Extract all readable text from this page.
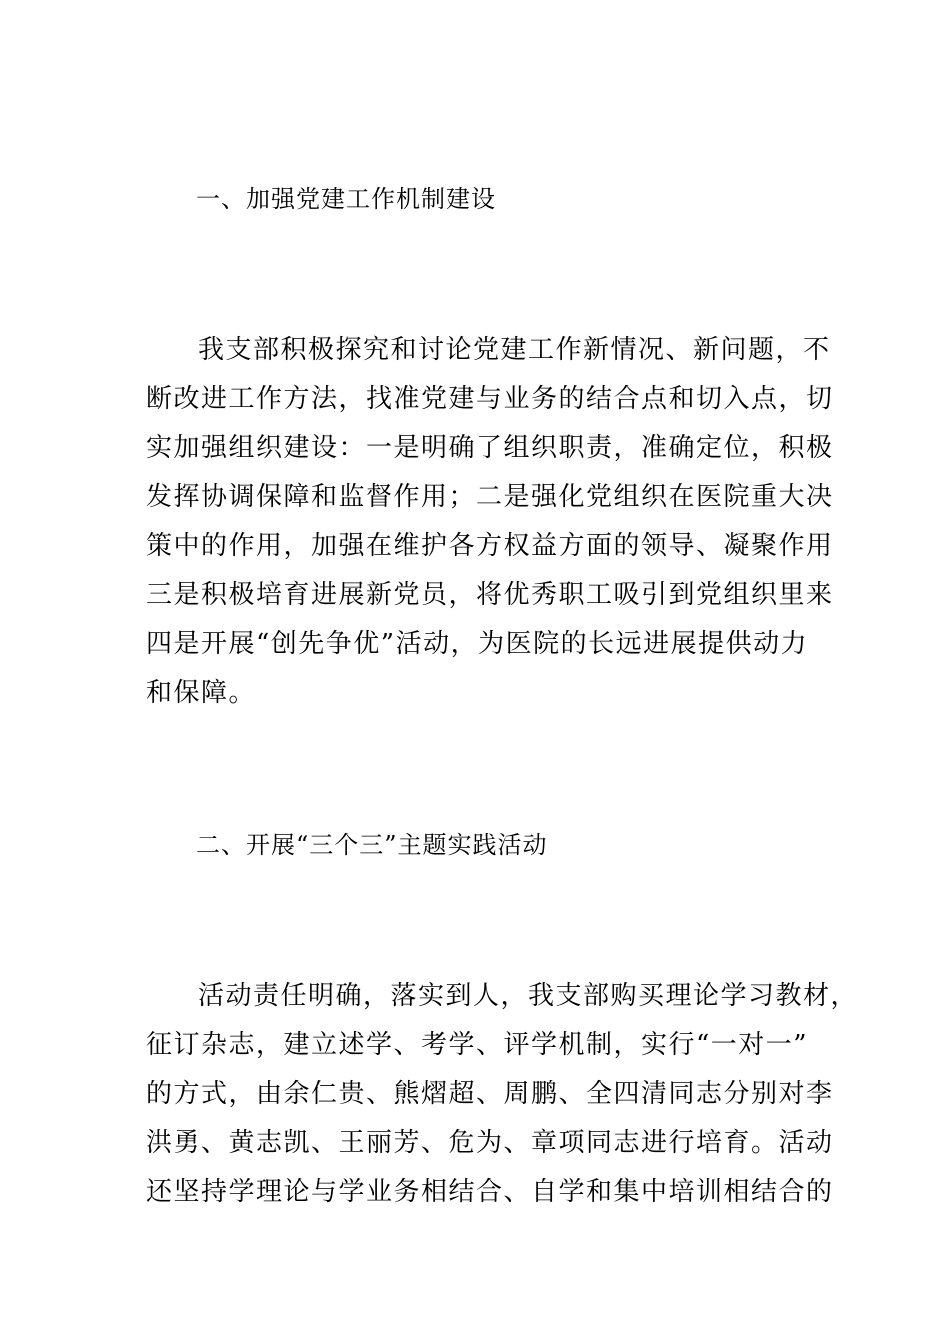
一、加强党建工作机制建设
我支部积极探究和讨论党建工作新情况、新问题，不
断改进工作方法，找准党建与业务的结合点和切入点，切
实加强组织建设：一是明确了组织职责，准确定位，积极
发挥协调保障和监督作用；二是强化党组织在医院重大决
策中的作用，加强在维护各方权益方面的领导、凝聚作用
三是积极培育进展新党员，将优秀职工吸引到党组织里来
四是开展“创先争优”活动，为医院的长远进展提供动力
和保障。
二、开展“三个三”主题实践活动
活动责任明确，落实到人，我支部购买理论学习教材，
征订杂志，建立述学、考学、评学机制，实行“一对一”
的方式，由余仁贵、熊熠超、周鹏、全四清同志分别对李
洪勇、黄志凯、王丽芳、危为、章项同志进行培育。活动
还坚持学理论与学业务相结合、自学和集中培训相结合的
